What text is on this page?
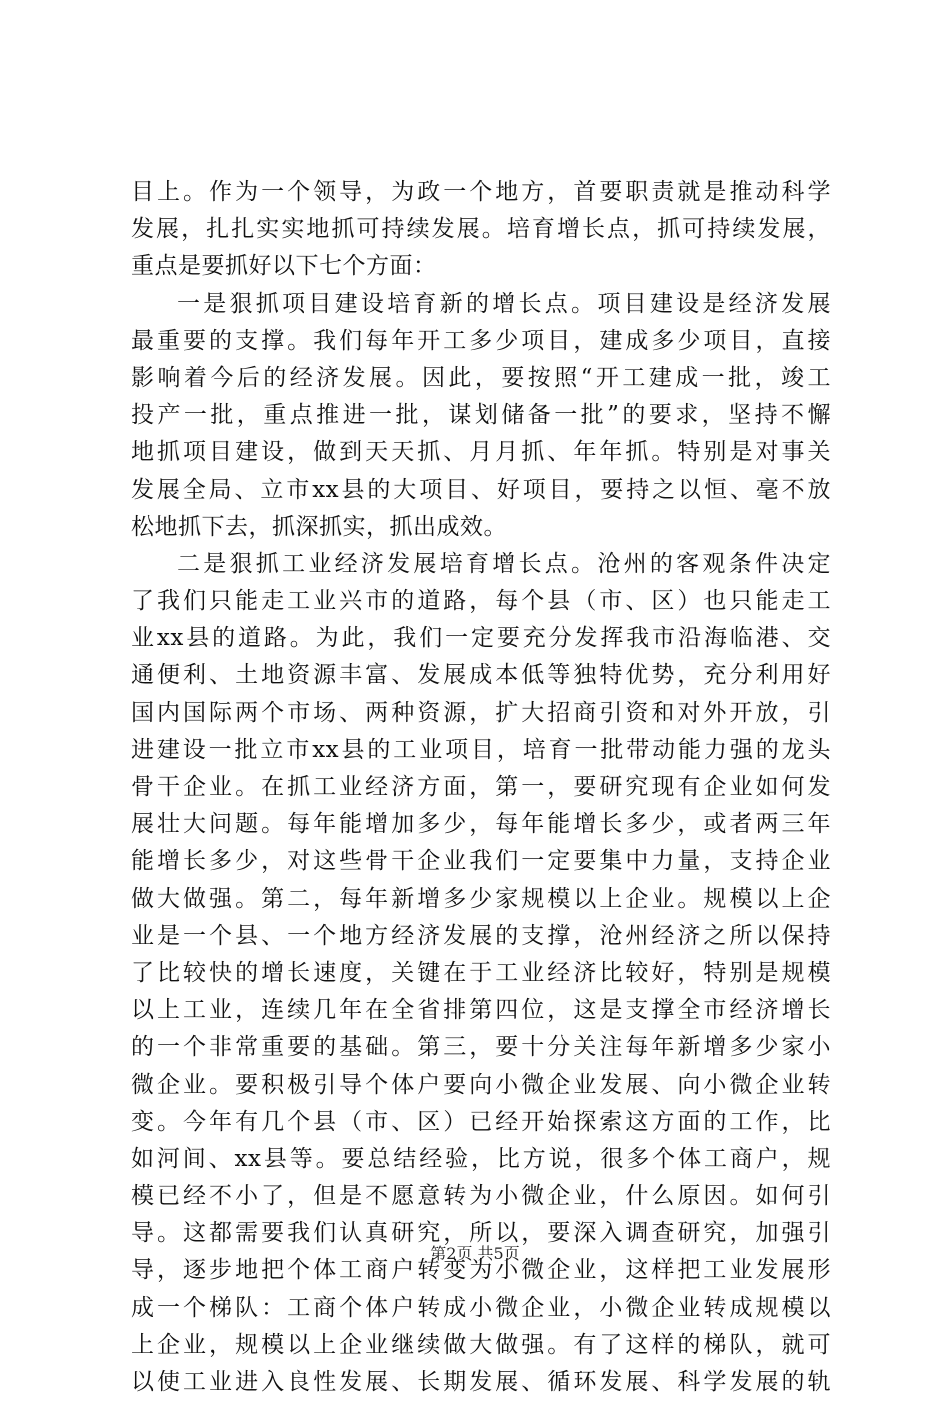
目上。作为一个领导，为政一个地方，首要职责就是推动科学
发展，扎扎实实地抓可持续发展。培育增长点，抓可持续发展，
重点是要抓好以下七个方面：
一是狠抓项目建设培育新的增长点。项目建设是经济发展
最重要的支撑。我们每年开工多少项目，建成多少项目，直接
影响着今后的经济发展。因此，要按照“开工建成一批，竣工
投产一批，重点推进一批，谋划储备一批”的要求，坚持不懈
地抓项目建设，做到天天抓、月月抓、年年抓。特别是对事关
发展全局、立市xx县的大项目、好项目，要持之以恒、毫不放
松地抓下去，抓深抓实，抓出成效。
二是狠抓工业经济发展培育增长点。沧州的客观条件决定
了我们只能走工业兴市的道路，每个县（市、区）也只能走工
业xx县的道路。为此，我们一定要充分发挥我市沿海临港、交
通便利、土地资源丰富、发展成本低等独特优势，充分利用好
国内国际两个市场、两种资源，扩大招商引资和对外开放，引
进建设一批立市xx县的工业项目，培育一批带动能力强的龙头
骨干企业。在抓工业经济方面，第一，要研究现有企业如何发
展壮大问题。每年能增加多少，每年能增长多少，或者两三年
能增长多少，对这些骨干企业我们一定要集中力量，支持企业
做大做强。第二，每年新增多少家规模以上企业。规模以上企
业是一个县、一个地方经济发展的支撑，沧州经济之所以保持
了比较快的增长速度，关键在于工业经济比较好，特别是规模
以上工业，连续几年在全省排第四位，这是支撑全市经济增长
的一个非常重要的基础。第三，要十分关注每年新增多少家小
微企业。要积极引导个体户要向小微企业发展、向小微企业转
变。今年有几个县（市、区）已经开始探索这方面的工作，比
如河间、xx县等。要总结经验，比方说，很多个体工商户，规
模已经不小了，但是不愿意转为小微企业，什么原因。如何引
导。这都需要我们认真研究，所以，要深入调查研究，加强引
导，逐步地把个体工商户转变为小微企业，这样把工业发展形
成一个梯队：工商个体户转成小微企业，小微企业转成规模以
上企业，规模以上企业继续做大做强。有了这样的梯队，就可
以使工业进入良性发展、长期发展、循环发展、科学发展的轨
第2页 共5页
